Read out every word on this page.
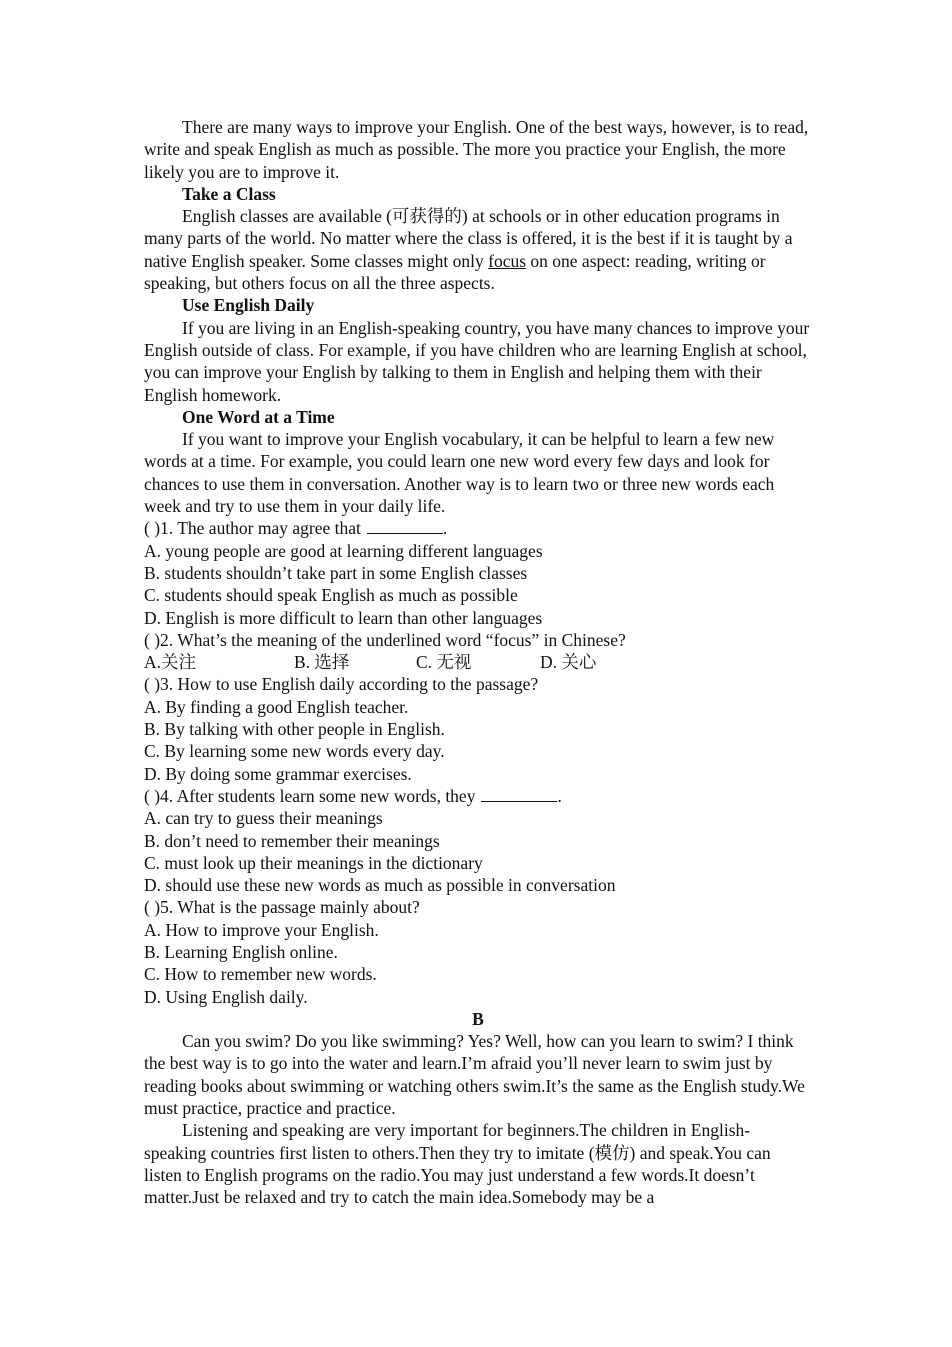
There are many ways to improve your English. One of the best ways, however, is to read, write and speak English as much as possible. The more you practice your English, the more likely you are to improve it.

Take a Class

English classes are available (可获得的) at schools or in other education programs in many parts of the world. No matter where the class is offered, it is the best if it is taught by a native English speaker. Some classes might only focus on one aspect: reading, writing or speaking, but others focus on all the three aspects.

Use English Daily

If you are living in an English-speaking country, you have many chances to improve your English outside of class. For example, if you have children who are learning English at school, you can improve your English by talking to them in English and helping them with their English homework.

One Word at a Time

If you want to improve your English vocabulary, it can be helpful to learn a few new words at a time. For example, you could learn one new word every few days and look for chances to use them in conversation. Another way is to learn two or three new words each week and try to use them in your daily life.

( )1. The author may agree that	.

A. young people are good at learning different languages

B. students shouldn’t take part in some English classes

C. students should speak English as much as possible

D. English is more difficult to learn than other languages

( )2. What’s the meaning of the underlined word “focus” in Chinese?

A.关注	B. 选择	C. 无视	D. 关心

( )3. How to use English daily according to the passage?

A. By finding a good English teacher.

B. By talking with other people in English.

C. By learning some new words every day.

D. By doing some grammar exercises.

( )4. After students learn some new words, they	.

A. can try to guess their meanings

B. don’t need to remember their meanings

C. must look up their meanings in the dictionary

D. should use these new words as much as possible in conversation

( )5. What is the passage mainly about?

A. How to improve your English.

B. Learning English online.

C. How to remember new words.

D. Using English daily.

B

Can you swim? Do you like swimming? Yes? Well, how can you learn to swim? I think the best way is to go into the water and learn.I’m afraid you’ll never learn to swim just by reading books about swimming or watching others swim.It’s the same as the English study.We must practice, practice and practice.

Listening and speaking are very important for beginners.The children in English-speaking countries first listen to others.Then they try to imitate (模仿) and speak.You can listen to English programs on the radio.You may just understand a few words.It doesn’t matter.Just be relaxed and try to catch the main idea.Somebody may be a
